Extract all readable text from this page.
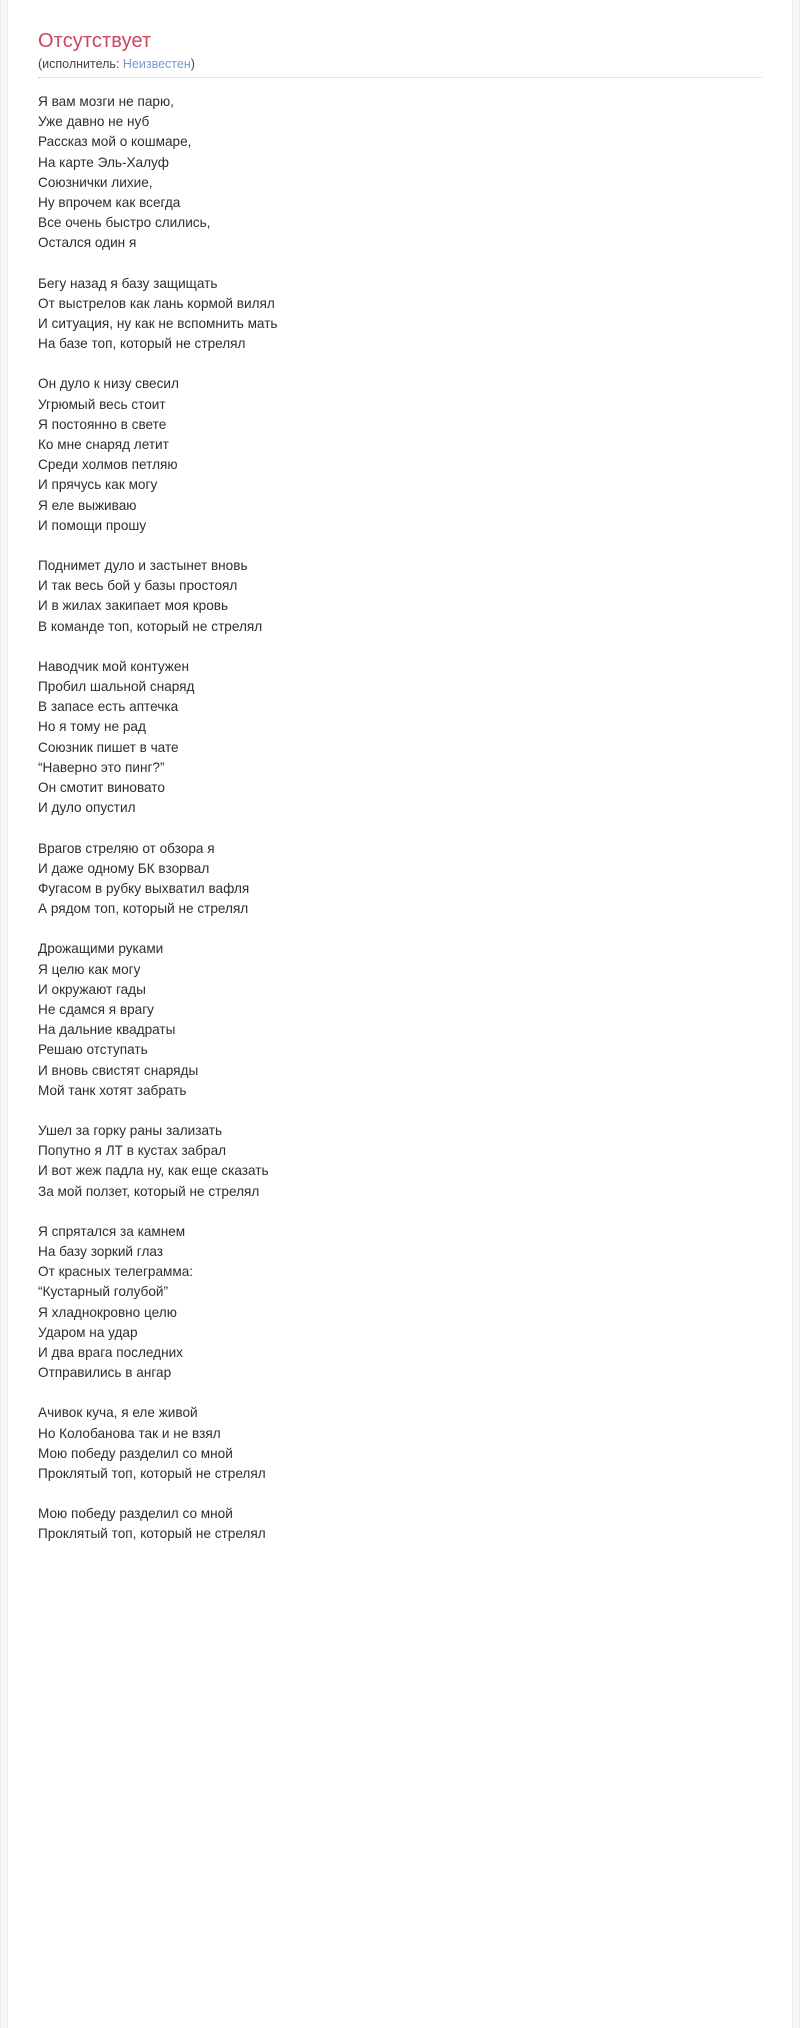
Отсутствует
(исполнитель: Неизвестен)
Я вам мозги не парю,
Уже давно не нуб
Рассказ мой о кошмаре,
На карте Эль-Халуф
Союзнички лихие,
Ну впрочем как всегда
Все очень быстро слились,
Остался один я
Бегу назад я базу защищать
От выстрелов как лань кормой вилял
И ситуация, ну как не вспомнить мать
На базе топ, который не стрелял
Он дуло к низу свесил
Угрюмый весь стоит
Я постоянно в свете
Ко мне снаряд летит
Среди холмов петляю
И прячусь как могу
Я еле выживаю
И помощи прошу
Поднимет дуло и застынет вновь
И так весь бой у базы простоял
И в жилах закипает моя кровь
В команде топ, который не стрелял
Наводчик мой контужен
Пробил шальной снаряд
В запасе есть аптечка
Но я тому не рад
Союзник пишет в чате
“Наверно это пинг?”
Он смотит виновато
И дуло опустил
Врагов стреляю от обзора я
И даже одному БК взорвал
Фугасом в рубку выхватил вафля
А рядом топ, который не стрелял
Дрожащими руками
Я целю как могу
И окружают гады
Не сдамся я врагу
На дальние квадраты
Решаю отступать
И вновь свистят снаряды
Мой танк хотят забрать
Ушел за горку раны зализать
Попутно я ЛТ в кустах забрал
И вот жеж падла ну, как еще сказать
За мой ползет, который не стрелял
Я спрятался за камнем
На базу зоркий глаз
От красных телеграмма:
“Кустарный голубой”
Я хладнокровно целю
Ударом на удар
И два врага последних
Отправились в ангар
Ачивок куча, я еле живой
Но Колобанова так и не взял
Мою победу разделил со мной
Проклятый топ, который не стрелял
Мою победу разделил со мной
Проклятый топ, который не стрелял
